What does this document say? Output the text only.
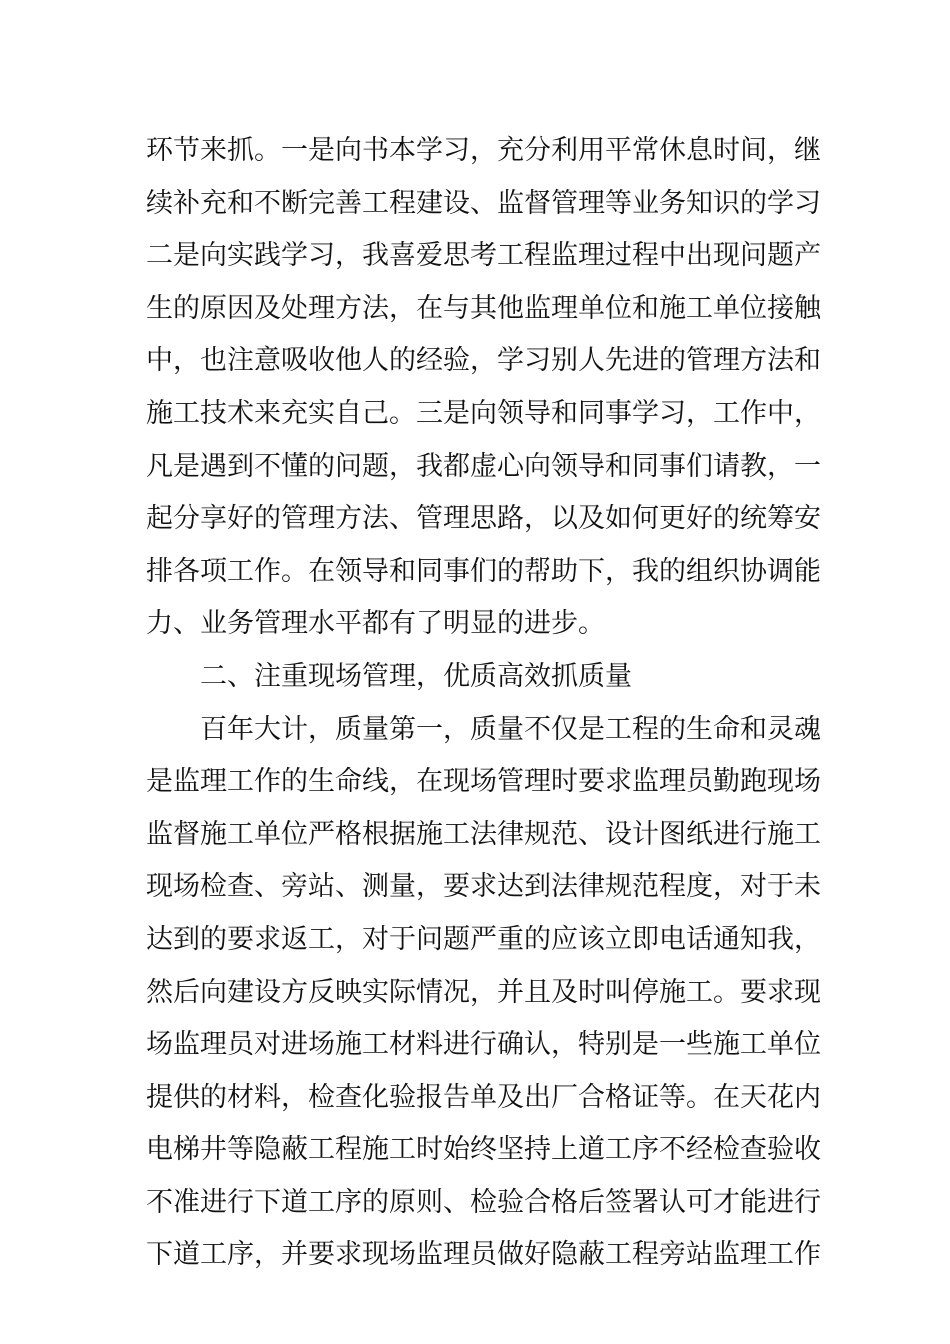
环节来抓。一是向书本学习，充分利用平常休息时间，继
续补充和不断完善工程建设、监督管理等业务知识的学习
二是向实践学习，我喜爱思考工程监理过程中出现问题产
生的原因及处理方法，在与其他监理单位和施工单位接触
中，也注意吸收他人的经验，学习别人先进的管理方法和
施工技术来充实自己。三是向领导和同事学习，工作中，
凡是遇到不懂的问题，我都虚心向领导和同事们请教，一
起分享好的管理方法、管理思路，以及如何更好的统筹安
排各项工作。在领导和同事们的帮助下，我的组织协调能
力、业务管理水平都有了明显的进步。
二、注重现场管理，优质高效抓质量
百年大计，质量第一，质量不仅是工程的生命和灵魂
是监理工作的生命线，在现场管理时要求监理员勤跑现场
监督施工单位严格根据施工法律规范、设计图纸进行施工
现场检查、旁站、测量，要求达到法律规范程度，对于未
达到的要求返工，对于问题严重的应该立即电话通知我，
然后向建设方反映实际情况，并且及时叫停施工。要求现
场监理员对进场施工材料进行确认，特别是一些施工单位
提供的材料，检查化验报告单及出厂合格证等。在天花内
电梯井等隐蔽工程施工时始终坚持上道工序不经检查验收
不准进行下道工序的原则、检验合格后签署认可才能进行
下道工序，并要求现场监理员做好隐蔽工程旁站监理工作
